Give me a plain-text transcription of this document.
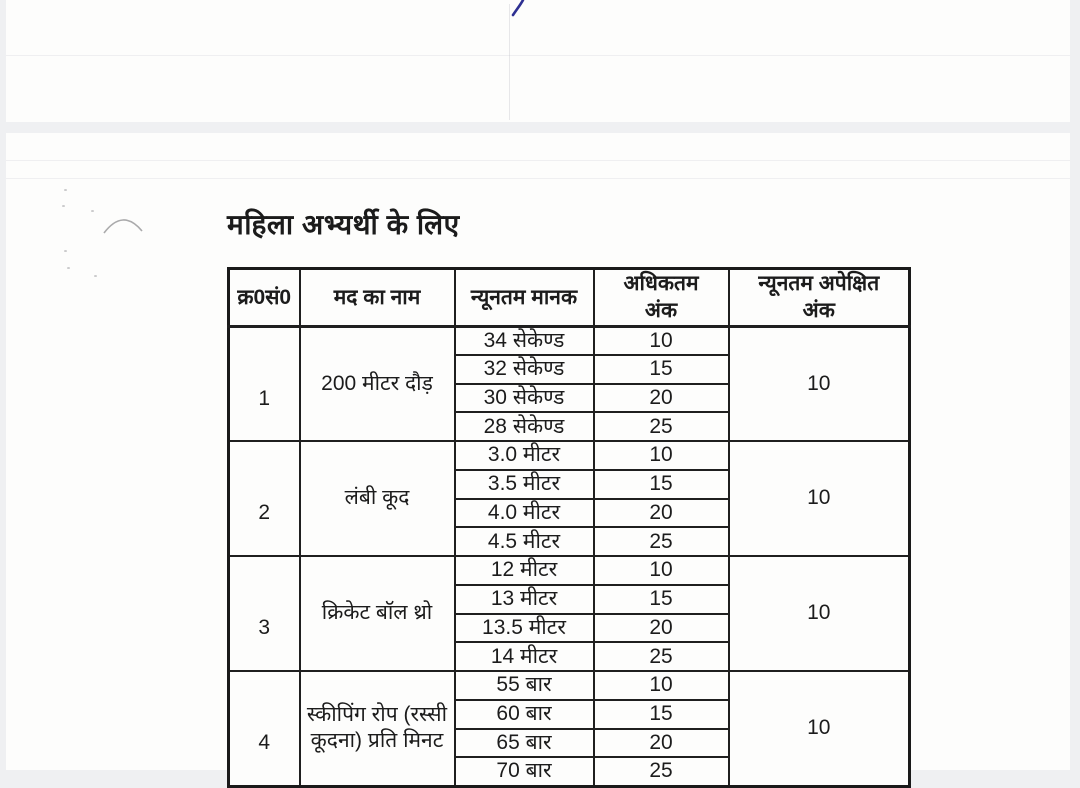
महिला अभ्यर्थी के लिए
क्र0सं0	मद का नाम	न्यूनतम मानक	अधिकतम अंक	न्यूनतम अपेक्षित अंक
1	200 मीटर दौड़	34 सेकेण्ड	10	10
		32 सेकेण्ड	15	
		30 सेकेण्ड	20	
		28 सेकेण्ड	25	
2	लंबी कूद	3.0 मीटर	10	10
		3.5 मीटर	15	
		4.0 मीटर	20	
		4.5 मीटर	25	
3	क्रिकेट बॉल थ्रो	12 मीटर	10	10
		13 मीटर	15	
		13.5 मीटर	20	
		14 मीटर	25	
4	स्कीपिंग रोप (रस्सी कूदना) प्रति मिनट	55 बार	10	10
		60 बार	15	
		65 बार	20	
		70 बार	25	
